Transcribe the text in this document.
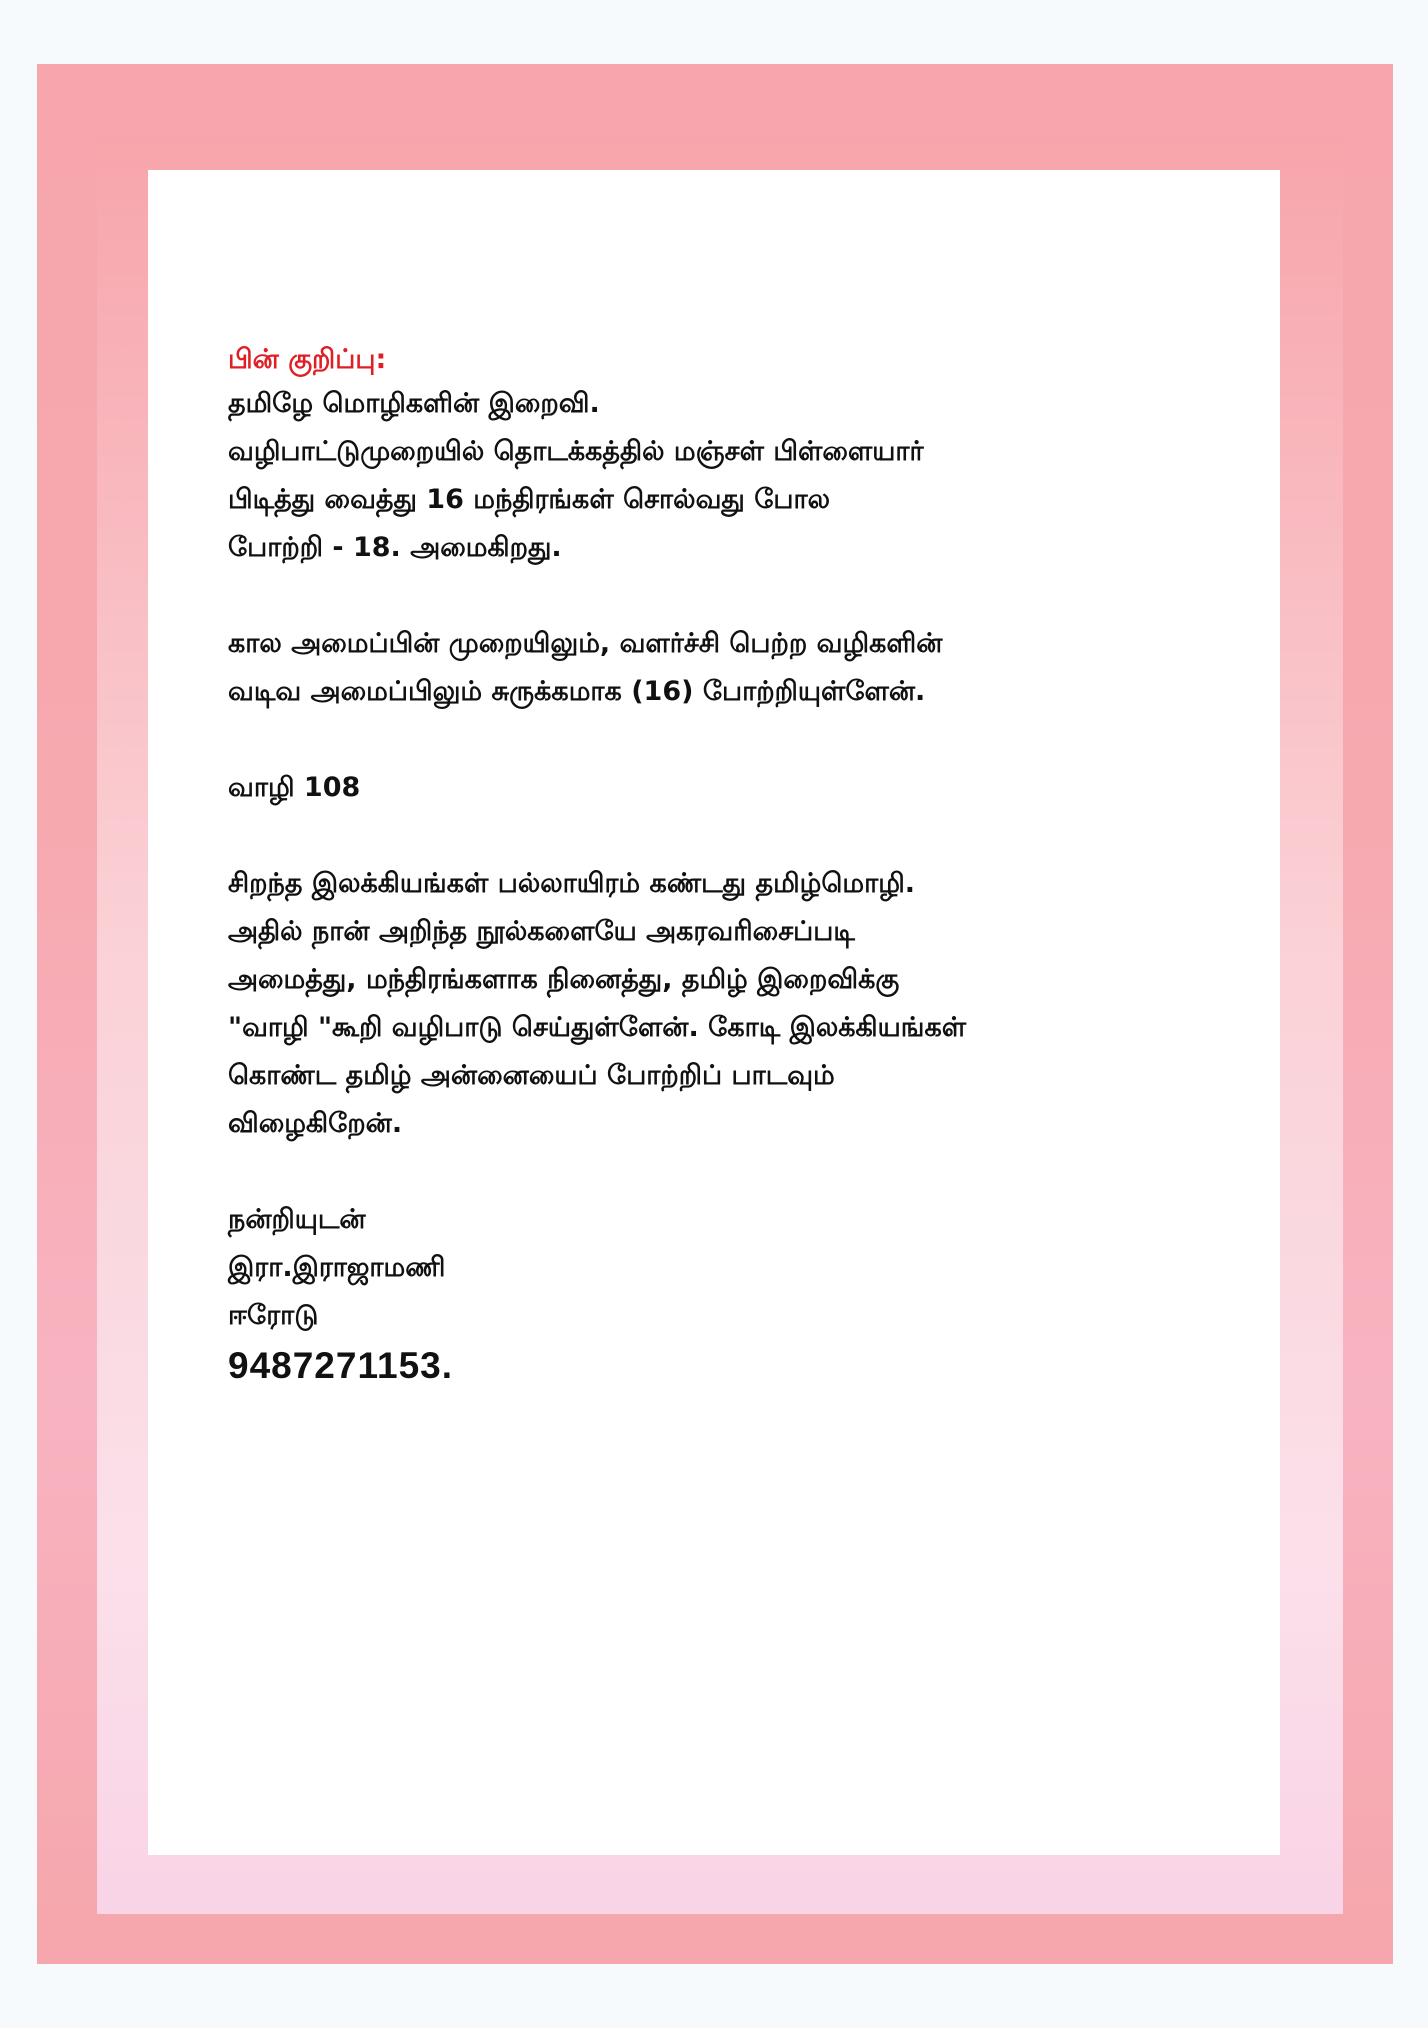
பின் குறிப்பு:

தமிழே மொழிகளின் இறைவி.

வழிபாட்டுமுறையில் தொடக்கத்தில் மஞ்சள் பிள்ளையார்

பிடித்து வைத்து 16 மந்திரங்கள் சொல்வது போல

போற்றி - 18. அமைகிறது.

கால அமைப்பின் முறையிலும், வளர்ச்சி பெற்ற வழிகளின்

வடிவ அமைப்பிலும் சுருக்கமாக (16) போற்றியுள்ளேன்.

வாழி 108

சிறந்த இலக்கியங்கள் பல்லாயிரம் கண்டது தமிழ்மொழி.

அதில் நான் அறிந்த நூல்களையே அகரவரிசைப்படி

அமைத்து, மந்திரங்களாக நினைத்து, தமிழ் இறைவிக்கு

"வாழி "கூறி வழிபாடு செய்துள்ளேன். கோடி இலக்கியங்கள்

கொண்ட தமிழ் அன்னையைப் போற்றிப் பாடவும்

விழைகிறேன்.

நன்றியுடன்

இரா.இராஜாமணி

ஈரோடு

9487271153.
